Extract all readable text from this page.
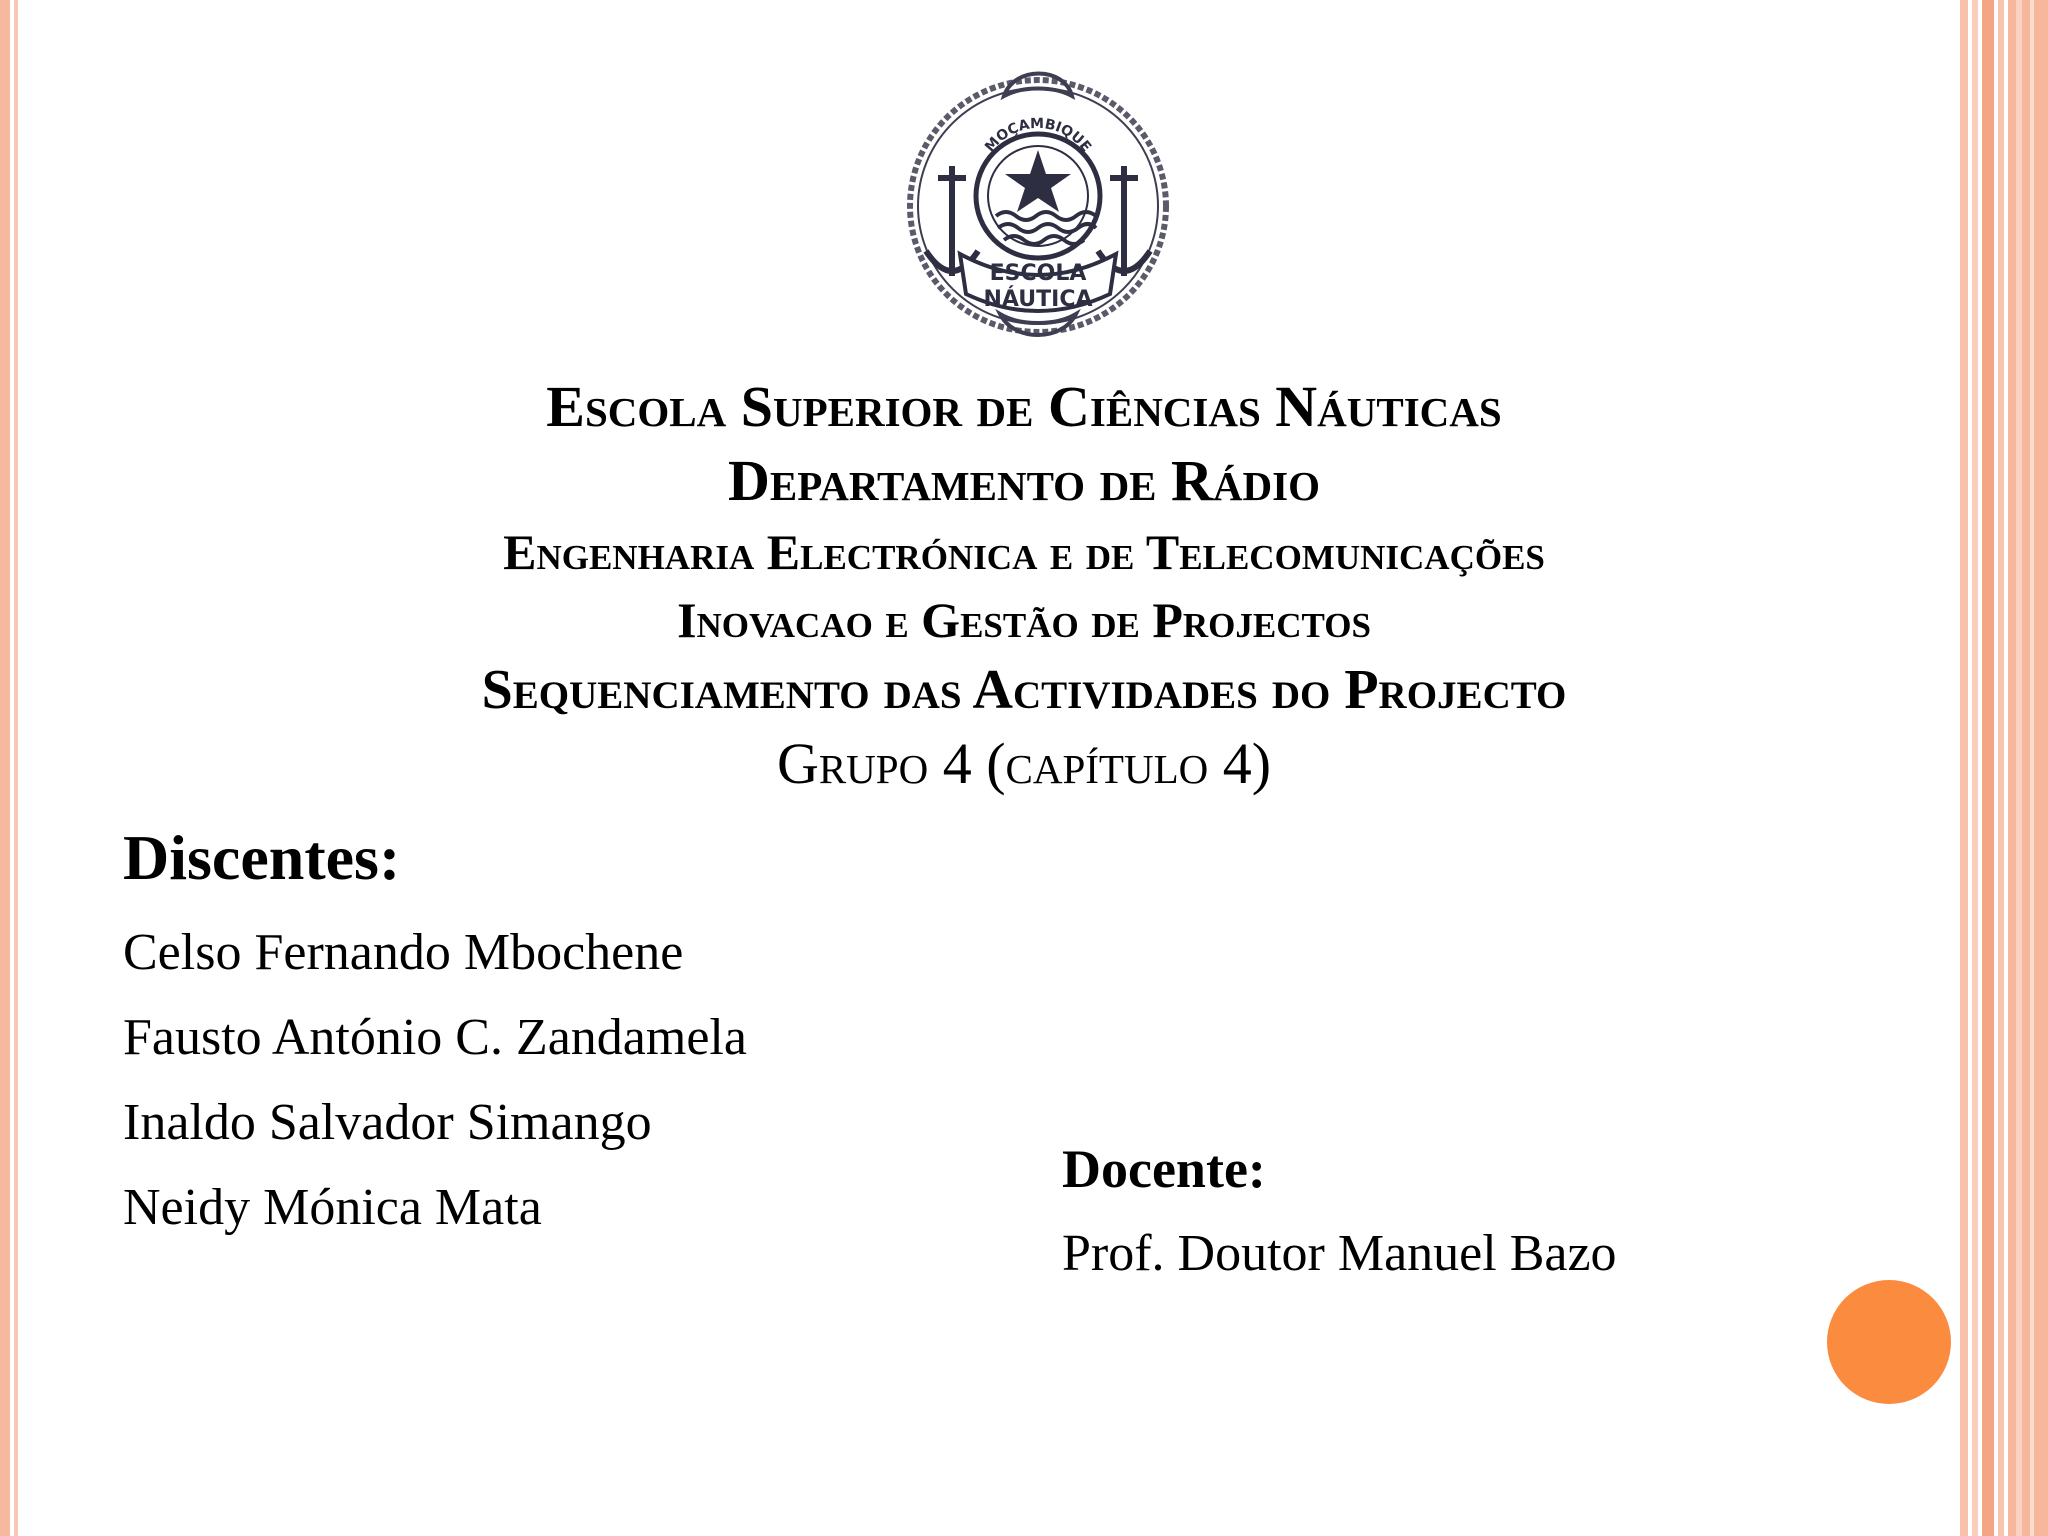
MOÇAMBIQUE
ESCOLA
NÁUTICA
Escola Superior de Ciências Náuticas
Departamento de Rádio
Engenharia Electrónica e de Telecomunicações
Inovacao e Gestão de Projectos
Sequenciamento das Actividades do Projecto
Grupo 4 (capítulo 4)
Discentes:
Celso Fernando Mbochene
Fausto António C. Zandamela
Inaldo Salvador Simango
Neidy Mónica Mata
Docente:
Prof. Doutor Manuel Bazo
